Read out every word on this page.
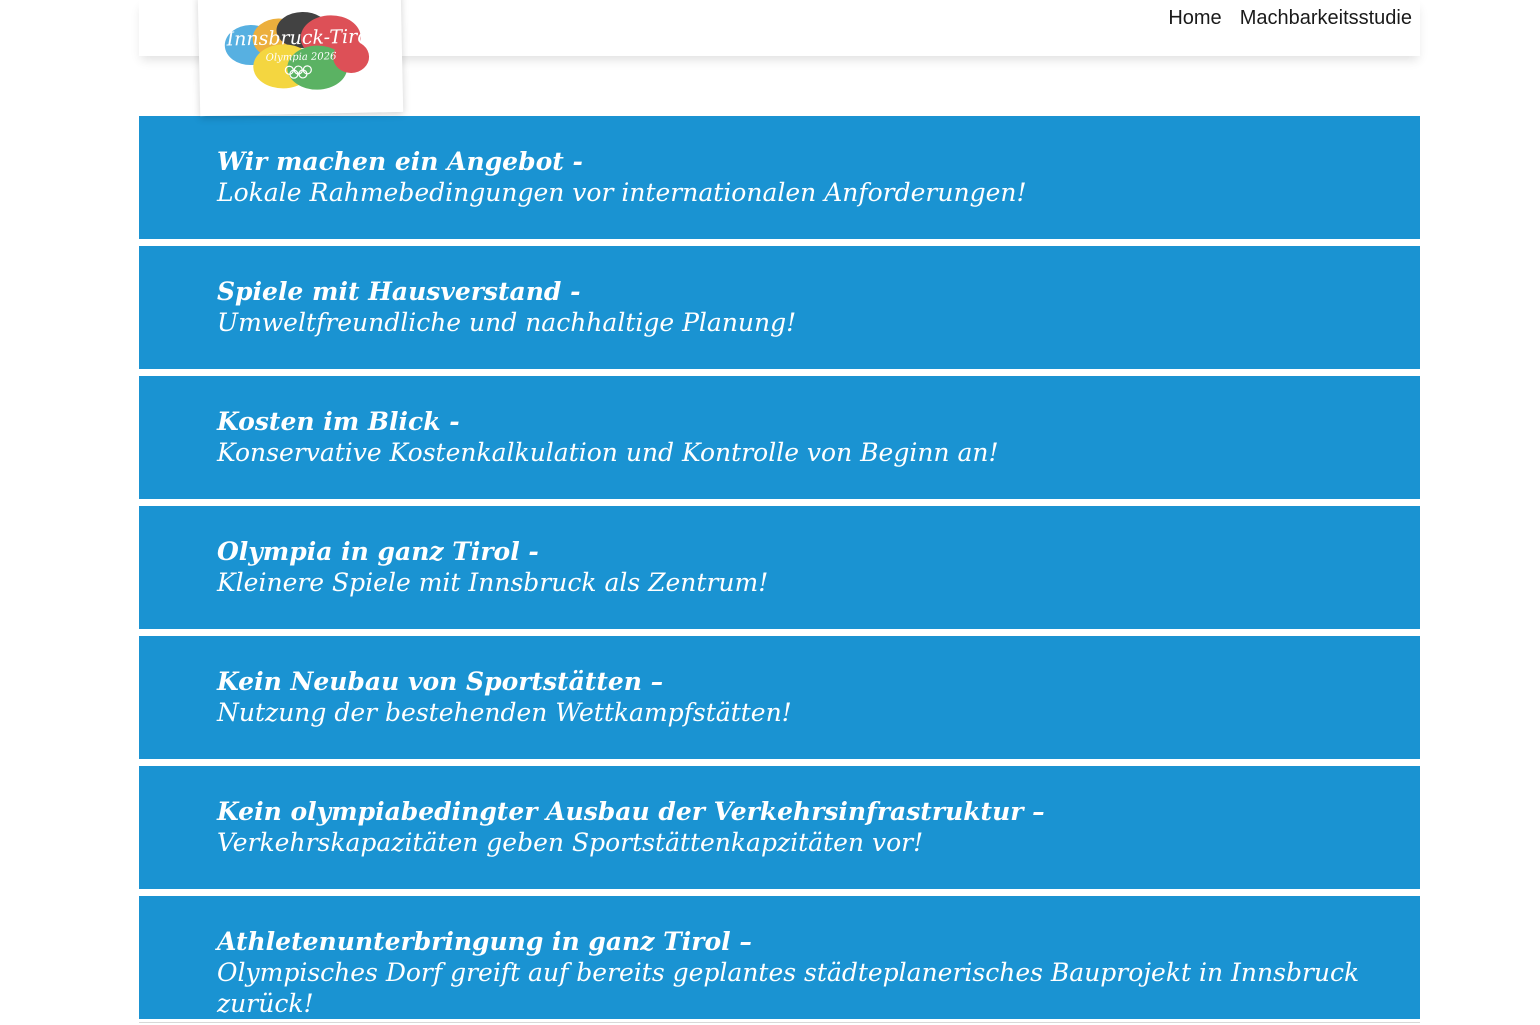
Home Machbarkeitsstudie
Innsbruck-Tirol
Olympia 2026
Wir machen ein Angebot -
Lokale Rahmebedingungen vor internationalen Anforderungen!
Spiele mit Hausverstand -
Umweltfreundliche und nachhaltige Planung!
Kosten im Blick -
Konservative Kostenkalkulation und Kontrolle von Beginn an!
Olympia in ganz Tirol -
Kleinere Spiele mit Innsbruck als Zentrum!
Kein Neubau von Sportstätten –
Nutzung der bestehenden Wettkampfstätten!
Kein olympiabedingter Ausbau der Verkehrsinfrastruktur –
Verkehrskapazitäten geben Sportstättenkapzitäten vor!
Athletenunterbringung in ganz Tirol –
Olympisches Dorf greift auf bereits geplantes städteplanerisches Bauprojekt in Innsbruck zurück!
